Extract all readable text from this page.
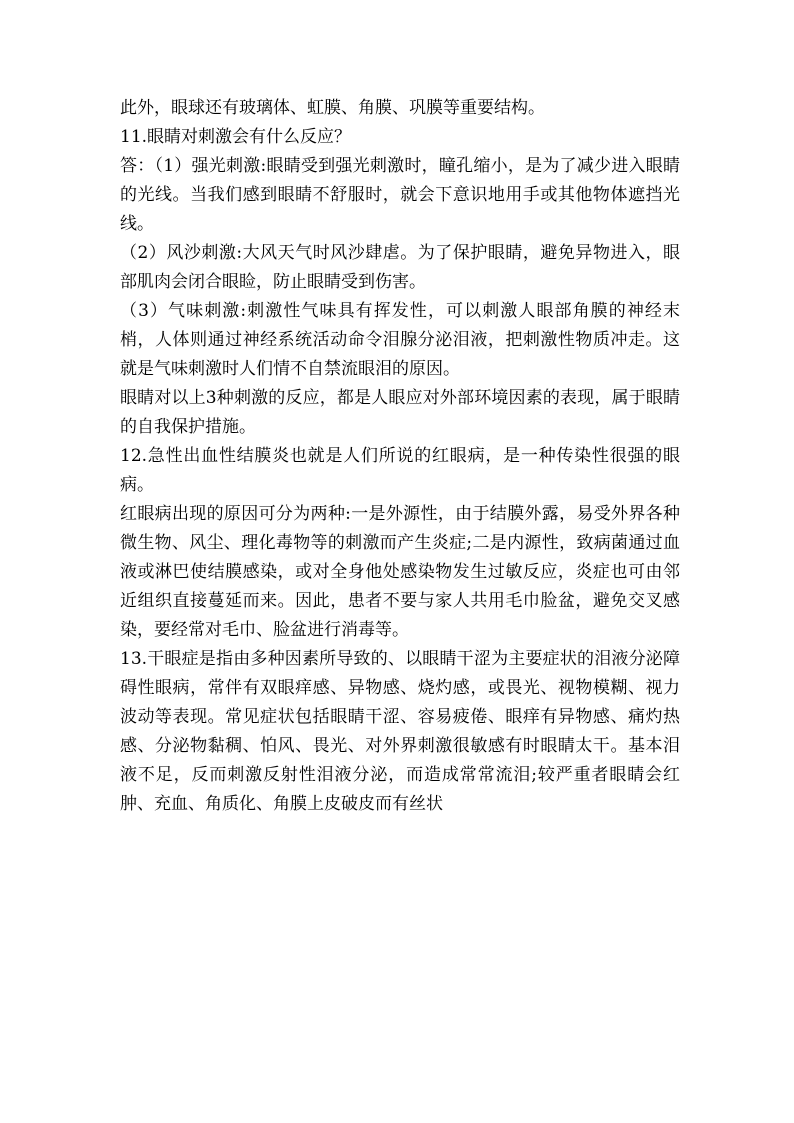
此外，眼球还有玻璃体、虹膜、角膜、巩膜等重要结构。

11.眼睛对刺激会有什么反应？

答：（1）强光刺激:眼睛受到强光刺激时，瞳孔缩小，是为了减少进入眼睛的光线。当我们感到眼睛不舒服时，就会下意识地用手或其他物体遮挡光线。

（2）风沙刺激:大风天气时风沙肆虐。为了保护眼睛，避免异物进入，眼部肌肉会闭合眼睑，防止眼睛受到伤害。

（3）气味刺激:刺激性气味具有挥发性，可以刺激人眼部角膜的神经末梢，人体则通过神经系统活动命令泪腺分泌泪液，把刺激性物质冲走。这就是气味刺激时人们情不自禁流眼泪的原因。

眼睛对以上3种刺激的反应，都是人眼应对外部环境因素的表现，属于眼睛的自我保护措施。

12.急性出血性结膜炎也就是人们所说的红眼病，是一种传染性很强的眼病。

红眼病出现的原因可分为两种:一是外源性，由于结膜外露，易受外界各种微生物、风尘、理化毒物等的刺激而产生炎症;二是内源性，致病菌通过血液或淋巴使结膜感染，或对全身他处感染物发生过敏反应，炎症也可由邻近组织直接蔓延而来。因此，患者不要与家人共用毛巾脸盆，避免交叉感染，要经常对毛巾、脸盆进行消毒等。

13.干眼症是指由多种因素所导致的、以眼睛干涩为主要症状的泪液分泌障碍性眼病，常伴有双眼痒感、异物感、烧灼感，或畏光、视物模糊、视力波动等表现。常见症状包括眼睛干涩、容易疲倦、眼痒有异物感、痛灼热感、分泌物黏稠、怕风、畏光、对外界刺激很敏感有时眼睛太干。基本泪液不足，反而刺激反射性泪液分泌，而造成常常流泪;较严重者眼睛会红肿、充血、角质化、角膜上皮破皮而有丝状
